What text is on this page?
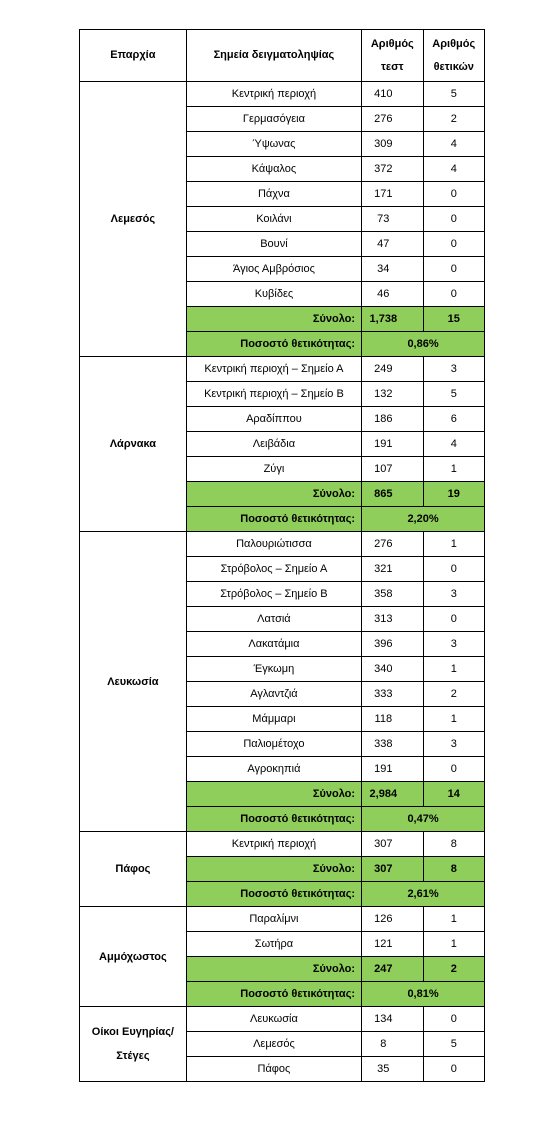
Επαρχία	Σημεία δειγματοληψίας	Αριθμός τεστ	Αριθμός θετικών
Λεμεσός	Κεντρική περιοχή	410	5
	Γερμασόγεια	276	2
	Ύψωνας	309	4
	Κάψαλος	372	4
	Πάχνα	171	0
	Κοιλάνι	73	0
	Βουνί	47	0
	Άγιος Αμβρόσιος	34	0
	Κυβίδες	46	0
	Σύνολο:	1,738	15
	Ποσοστό θετικότητας:	0,86%	
Λάρνακα	Κεντρική περιοχή – Σημείο Α	249	3
	Κεντρική περιοχή – Σημείο Β	132	5
	Αραδίππου	186	6
	Λειβάδια	191	4
	Ζύγι	107	1
	Σύνολο:	865	19
	Ποσοστό θετικότητας:	2,20%	
Λευκωσία	Παλουριώτισσα	276	1
	Στρόβολος – Σημείο Α	321	0
	Στρόβολος – Σημείο Β	358	3
	Λατσιά	313	0
	Λακατάμια	396	3
	Έγκωμη	340	1
	Αγλαντζιά	333	2
	Μάμμαρι	118	1
	Παλιομέτοχο	338	3
	Αγροκηπιά	191	0
	Σύνολο:	2,984	14
	Ποσοστό θετικότητας:	0,47%	
Πάφος	Κεντρική περιοχή	307	8
	Σύνολο:	307	8
	Ποσοστό θετικότητας:	2,61%	
Αμμόχωστος	Παραλίμνι	126	1
	Σωτήρα	121	1
	Σύνολο:	247	2
	Ποσοστό θετικότητας:	0,81%	
Οίκοι Ευγηρίας/Στέγες	Λευκωσία	134	0
	Λεμεσός	8	5
	Πάφος	35	0
